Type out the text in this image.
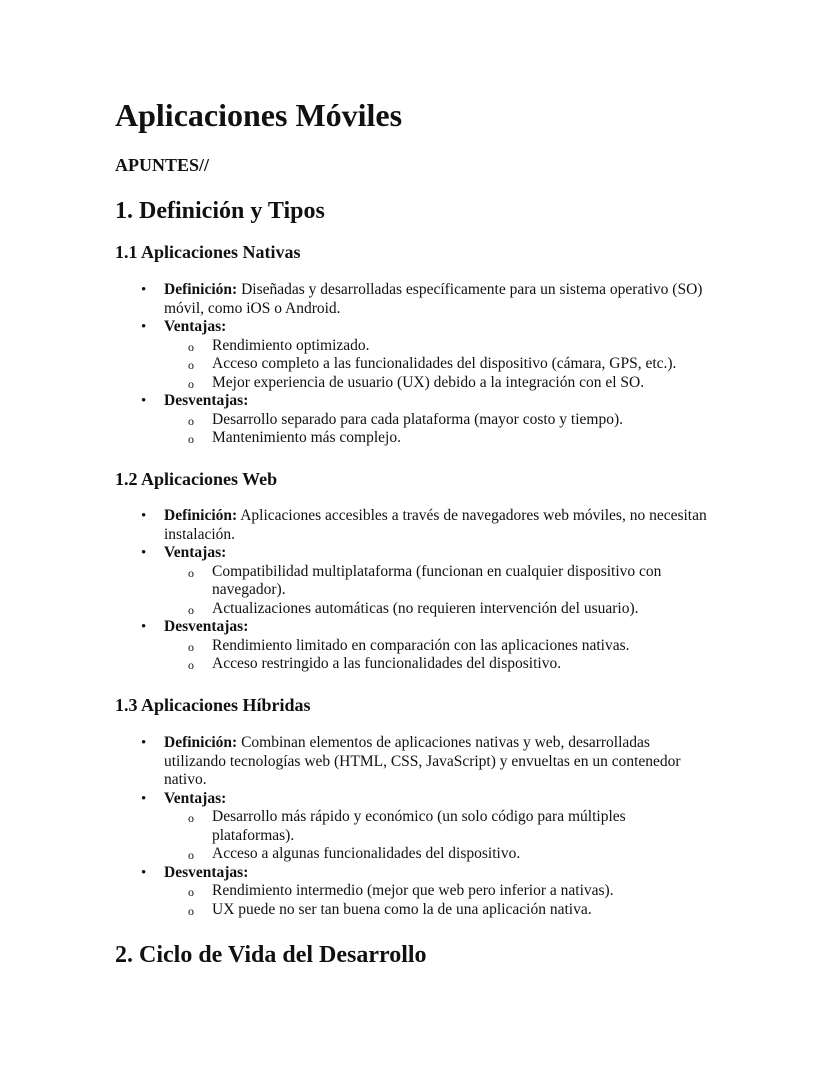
Aplicaciones Móviles

APUNTES//

1. Definición y Tipos
1.1 Aplicaciones Nativas
• Definición: Diseñadas y desarrolladas específicamente para un sistema operativo (SO) móvil, como iOS o Android.
• Ventajas:
o Rendimiento optimizado.
o Acceso completo a las funcionalidades del dispositivo (cámara, GPS, etc.).
o Mejor experiencia de usuario (UX) debido a la integración con el SO.
• Desventajas:
o Desarrollo separado para cada plataforma (mayor costo y tiempo).
o Mantenimiento más complejo.
1.2 Aplicaciones Web
• Definición: Aplicaciones accesibles a través de navegadores web móviles, no necesitan instalación.
• Ventajas:
o Compatibilidad multiplataforma (funcionan en cualquier dispositivo con navegador).
o Actualizaciones automáticas (no requieren intervención del usuario).
• Desventajas:
o Rendimiento limitado en comparación con las aplicaciones nativas.
o Acceso restringido a las funcionalidades del dispositivo.
1.3 Aplicaciones Híbridas
• Definición: Combinan elementos de aplicaciones nativas y web, desarrolladas utilizando tecnologías web (HTML, CSS, JavaScript) y envueltas en un contenedor nativo.
• Ventajas:
o Desarrollo más rápido y económico (un solo código para múltiples plataformas).
o Acceso a algunas funcionalidades del dispositivo.
• Desventajas:
o Rendimiento intermedio (mejor que web pero inferior a nativas).
o UX puede no ser tan buena como la de una aplicación nativa.
2. Ciclo de Vida del Desarrollo
